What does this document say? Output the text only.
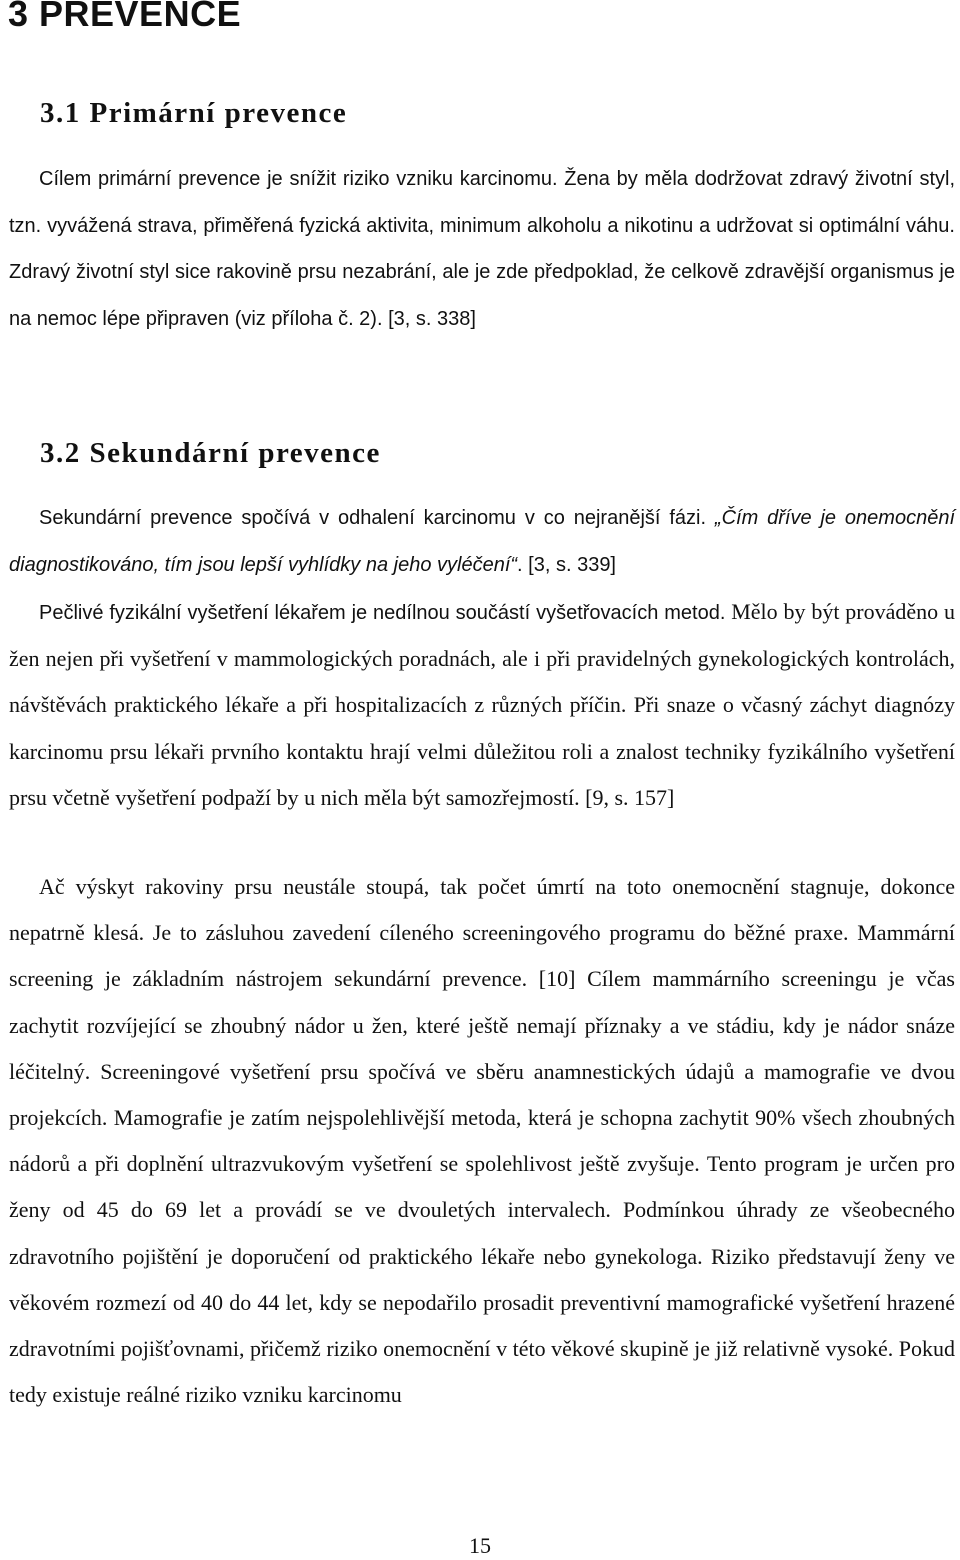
3 PREVENCE
3.1 Primární prevence

Cílem primární prevence je snížit riziko vzniku karcinomu. Žena by měla dodržovat zdravý životní styl, tzn. vyvážená strava, přiměřená fyzická aktivita, minimum alkoholu a nikotinu a udržovat si optimální váhu. Zdravý životní styl sice rakovině prsu nezabrání, ale je zde předpoklad, že celkově zdravější organismus je na nemoc lépe připraven (viz příloha č. 2). [3, s. 338]

3.2 Sekundární prevence

Sekundární prevence spočívá v odhalení karcinomu v co nejranější fázi. „Čím dříve je onemocnění diagnostikováno, tím jsou lepší vyhlídky na jeho vyléčení“. [3, s. 339]

Pečlivé fyzikální vyšetření lékařem je nedílnou součástí vyšetřovacích metod. Mělo by být prováděno u žen nejen při vyšetření v mammologických poradnách, ale i při pravidelných gynekologických kontrolách, návštěvách praktického lékaře a při hospitalizacích z různých příčin. Při snaze o včasný záchyt diagnózy karcinomu prsu lékaři prvního kontaktu hrají velmi důležitou roli a znalost techniky fyzikálního vyšetření prsu včetně vyšetření podpaží by u nich měla být samozřejmostí. [9, s. 157]

Ač výskyt rakoviny prsu neustále stoupá, tak počet úmrtí na toto onemocnění stagnuje, dokonce nepatrně klesá. Je to zásluhou zavedení cíleného screeningového programu do běžné praxe. Mammární screening je základním nástrojem sekundární prevence. [10] Cílem mammárního screeningu je včas zachytit rozvíjející se zhoubný nádor u žen, které ještě nemají příznaky a ve stádiu, kdy je nádor snáze léčitelný. Screeningové vyšetření prsu spočívá ve sběru anamnestických údajů a mamografie ve dvou projekcích. Mamografie je zatím nejspolehlivější metoda, která je schopna zachytit 90% všech zhoubných nádorů a při doplnění ultrazvukovým vyšetření se spolehlivost ještě zvyšuje. Tento program je určen pro ženy od 45 do 69 let a provádí se ve dvouletých intervalech. Podmínkou úhrady ze všeobecného zdravotního pojištění je doporučení od praktického lékaře nebo gynekologa. Riziko představují ženy ve věkovém rozmezí od 40 do 44 let, kdy se nepodařilo prosadit preventivní mamografické vyšetření hrazené zdravotními pojišťovnami, přičemž riziko onemocnění v této věkové skupině je již relativně vysoké. Pokud tedy existuje reálné riziko vzniku karcinomu

15
